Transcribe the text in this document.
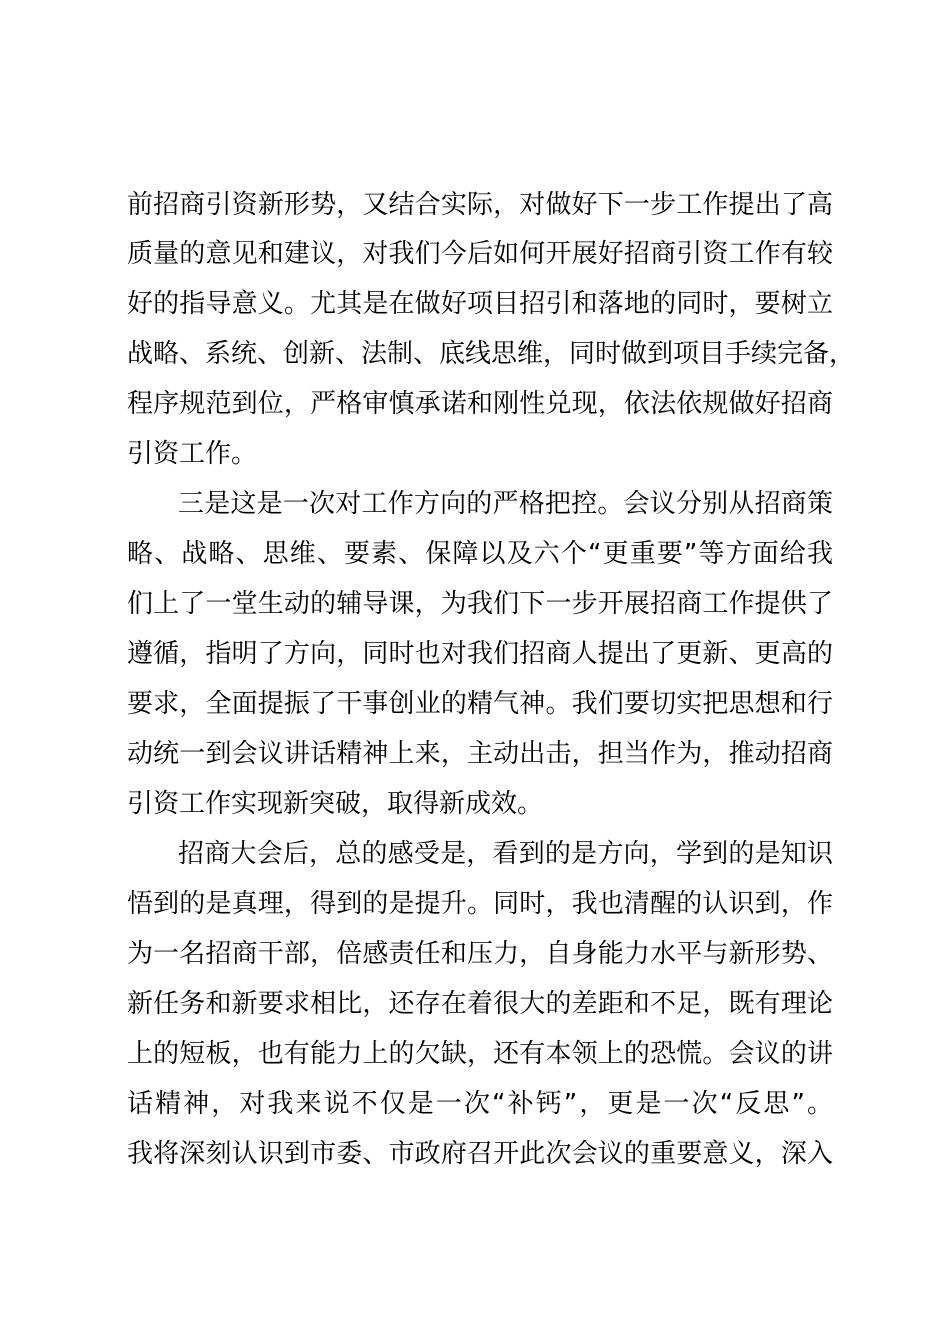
前招商引资新形势，又结合实际，对做好下一步工作提出了高
质量的意见和建议，对我们今后如何开展好招商引资工作有较
好的指导意义。尤其是在做好项目招引和落地的同时，要树立
战略、系统、创新、法制、底线思维，同时做到项目手续完备，
程序规范到位，严格审慎承诺和刚性兑现，依法依规做好招商
引资工作。
三是这是一次对工作方向的严格把控。会议分别从招商策
略、战略、思维、要素、保障以及六个“更重要”等方面给我
们上了一堂生动的辅导课，为我们下一步开展招商工作提供了
遵循，指明了方向，同时也对我们招商人提出了更新、更高的
要求，全面提振了干事创业的精气神。我们要切实把思想和行
动统一到会议讲话精神上来，主动出击，担当作为，推动招商
引资工作实现新突破，取得新成效。
招商大会后，总的感受是，看到的是方向，学到的是知识
悟到的是真理，得到的是提升。同时，我也清醒的认识到，作
为一名招商干部，倍感责任和压力，自身能力水平与新形势、
新任务和新要求相比，还存在着很大的差距和不足，既有理论
上的短板，也有能力上的欠缺，还有本领上的恐慌。会议的讲
话精神，对我来说不仅是一次“补钙”，更是一次“反思”。
我将深刻认识到市委、市政府召开此次会议的重要意义，深入
